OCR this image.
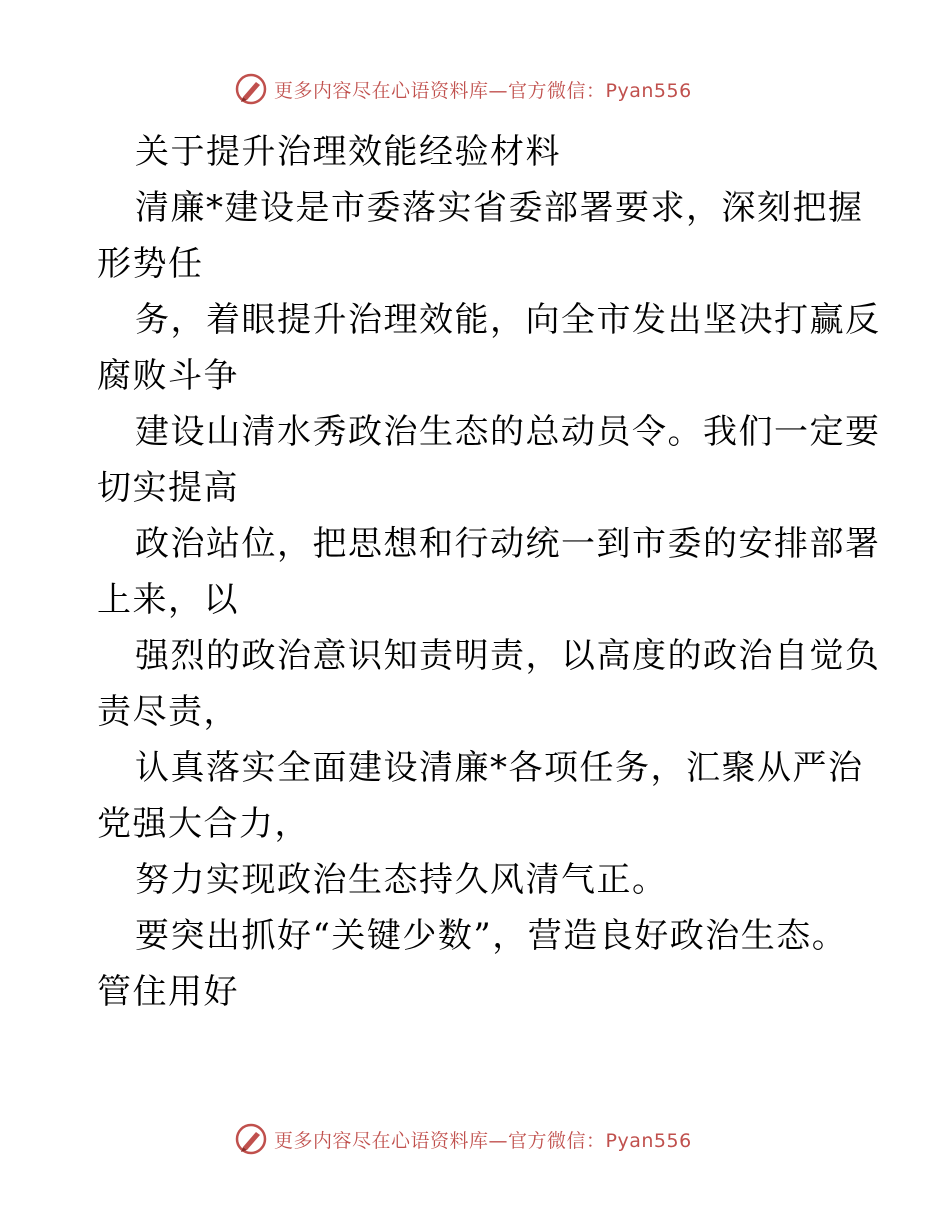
更多内容尽在心语资料库—官方微信：Pyan556
关于提升治理效能经验材料
清廉*建设是市委落实省委部署要求，深刻把握
形势任
务，着眼提升治理效能，向全市发出坚决打赢反
腐败斗争
建设山清水秀政治生态的总动员令。我们一定要
切实提高
政治站位，把思想和行动统一到市委的安排部署
上来，以
强烈的政治意识知责明责，以高度的政治自觉负
责尽责，
认真落实全面建设清廉*各项任务，汇聚从严治
党强大合力，
努力实现政治生态持久风清气正。
要突出抓好“关键少数”，营造良好政治生态。
管住用好
更多内容尽在心语资料库—官方微信：Pyan556
